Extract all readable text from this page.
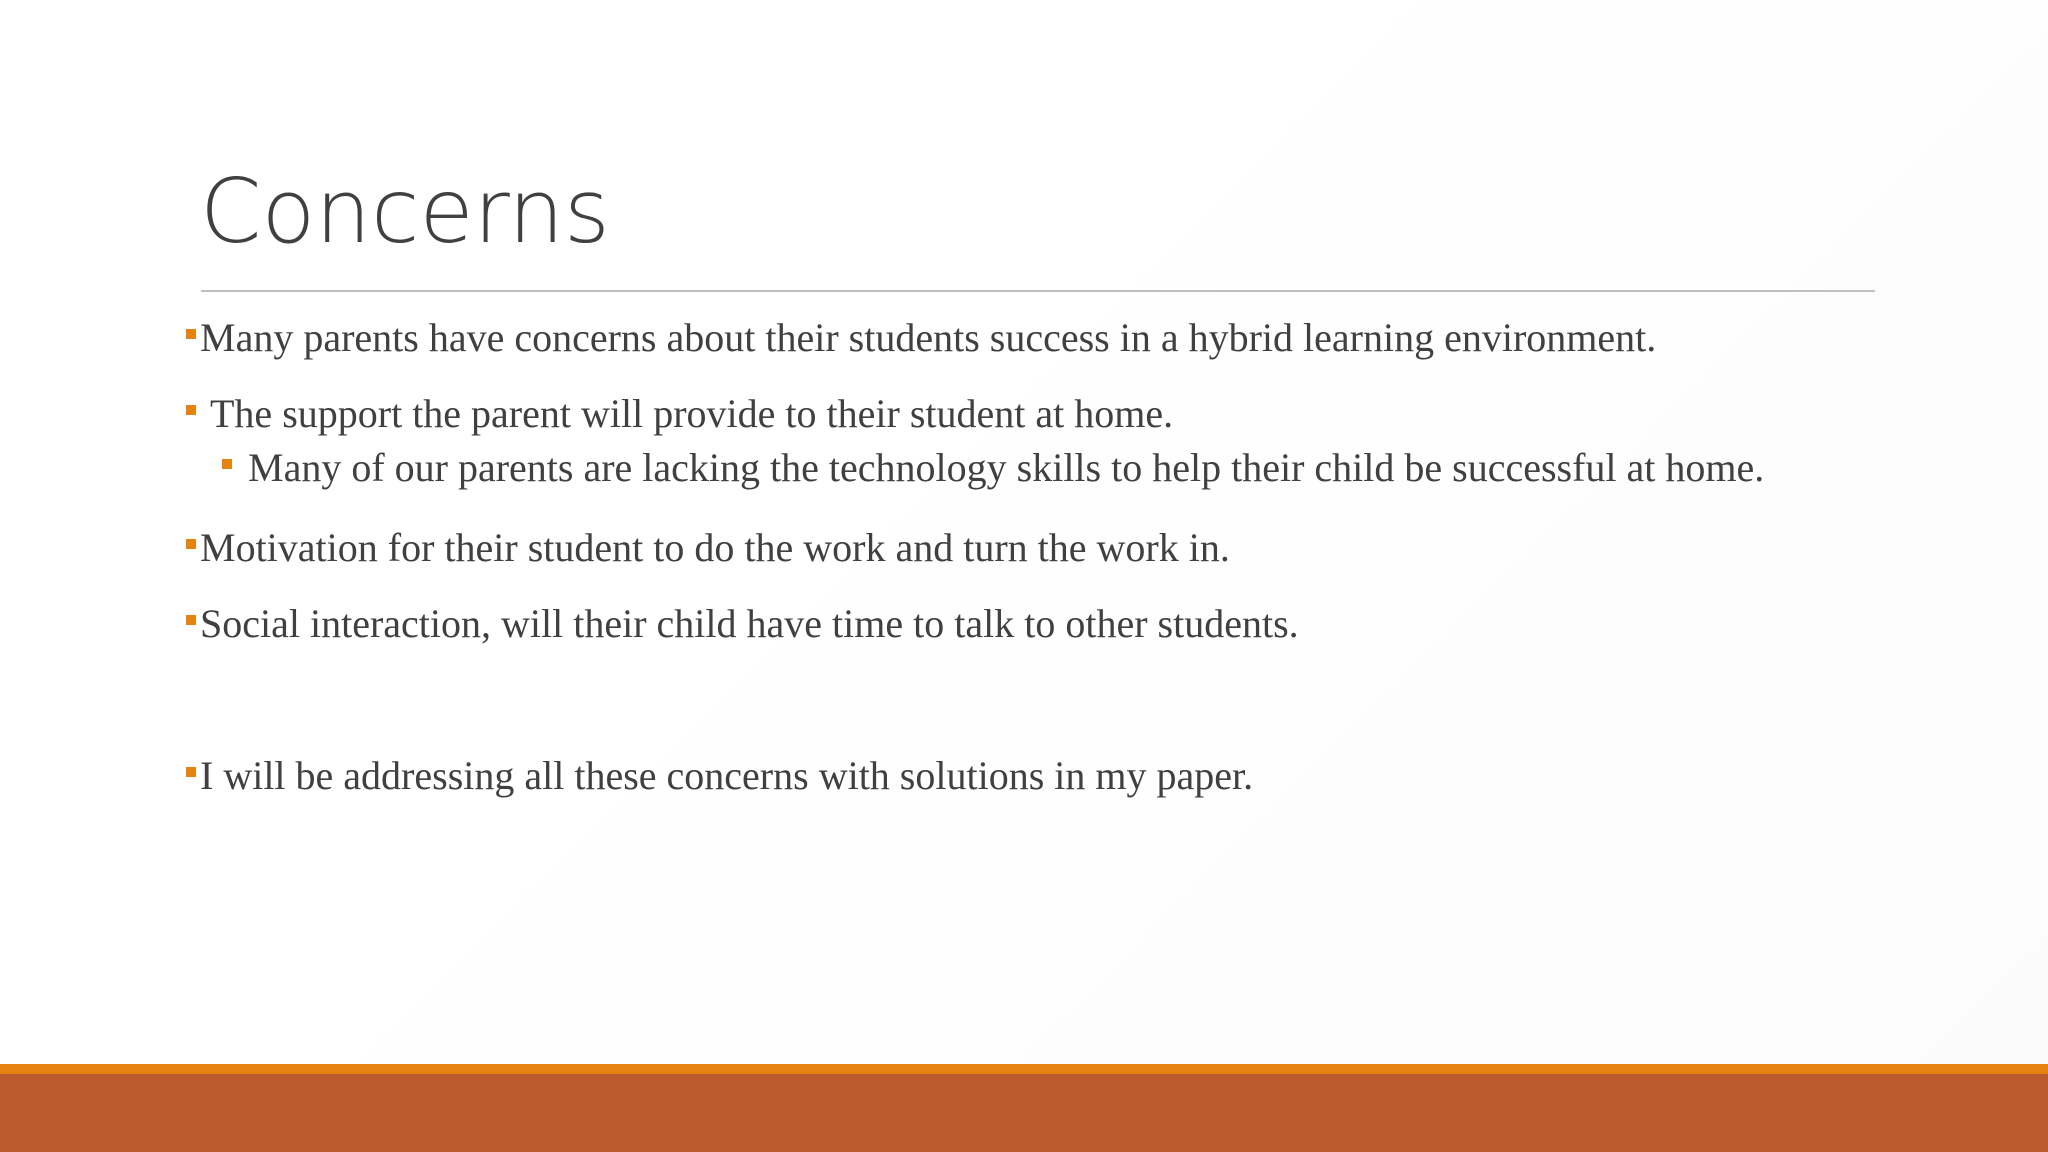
Concerns
Many parents have concerns about their students success in a hybrid learning environment.
The support the parent will provide to their student at home.
Many of our parents are lacking the technology skills to help their child be successful at home.
Motivation for their student to do the work and turn the work in.
Social interaction, will their child have time to talk to other students.
I will be addressing all these concerns with solutions in my paper.
